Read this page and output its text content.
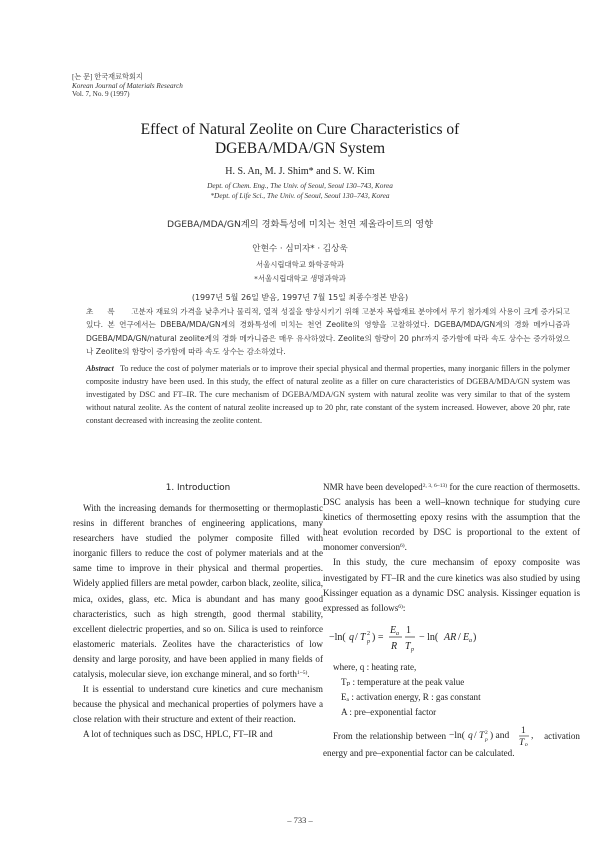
[논 문] 한국재료학회지
Korean Journal of Materials Research
Vol. 7, No. 9 (1997)
Effect of Natural Zeolite on Cure Characteristics of
DGEBA/MDA/GN System
H. S. An, M. J. Shim* and S. W. Kim
Dept. of Chem. Eng., The Univ. of Seoul, Seoul 130–743, Korea
*Dept. of Life Sci., The Univ. of Seoul, Seoul 130–743, Korea
DGEBA/MDA/GN계의 경화특성에 미치는 천연 제올라이트의 영향
안현수 · 심미자* · 김상욱
서울시립대학교 화학공학과
*서울시립대학교 생명과학과
(1997년 5월 26일 받음, 1997년 7월 15일 최종수정본 받음)
초록 고분자 재료의 가격을 낮추거나 물리적, 열적 성질을 향상시키기 위해 고분자 복합재료 분야에서 무기 첨가제의 사용이 크게 증가되고 있다. 본 연구에서는 DBEBA/MDA/GN계의 경화특성에 미치는 천연 Zeolite의 영향을 고찰하였다. DGEBA/MDA/GN계의 경화 메카니즘과 DGEBA/MDA/GN/natural zeolite계의 경화 메카니즘은 매우 유사하였다. Zeolite의 함량이 20 phr까지 증가함에 따라 속도 상수는 증가하였으나 Zeolite의 함량이 증가함에 따라 속도 상수는 감소하였다.
Abstract To reduce the cost of polymer materials or to improve their special physical and thermal properties, many inorganic fillers in the polymer composite industry have been used. In this study, the effect of natural zeolite as a filler on cure characteristics of DGEBA/MDA/GN system was investigated by DSC and FT–IR. The cure mechanism of DGEBA/MDA/GN system with natural zeolite was very similar to that of the system without natural zeolite. As the content of natural zeolite increased up to 20 phr, rate constant of the system increased. However, above 20 phr, rate constant decreased with increasing the zeolite content.
1. Introduction

With the increasing demands for thermosetting or thermoplastic resins in different branches of engineering applications, many researchers have studied the polymer composite filled with inorganic fillers to reduce the cost of polymer materials and at the same time to improve in their physical and thermal properties. Widely applied fillers are metal powder, carbon black, zeolite, silica, mica, oxides, glass, etc. Mica is abundant and has many good characteristics, such as high strength, good thermal stability, excellent dielectric properties, and so on. Silica is used to reinforce elastomeric materials. Zeolites have the characteristics of low density and large porosity, and have been applied in many fields of catalysis, molecular sieve, ion exchange mineral, and so forth$^{1\sim 5)}$.

It is essential to understand cure kinetics and cure mechanism because the physical and mechanical properties of polymers have a close relation with their structure and extent of their reaction.

A lot of techniques such as DSC, HPLC, FT–IR and

NMR have been developed$^{2, 3, 6\sim 13)}$ for the cure reaction of thermosetts. DSC analysis has been a well–known technique for studying cure kinetics of thermosetting epoxy resins with the assumption that the heat evolution recorded by DSC is proportional to the extent of monomer conversion$^{6)}$.

In this study, the cure mechansim of epoxy composite was investigated by FT–IR and the cure kinetics was also studied by using Kissinger equation as a dynamic DSC analysis. Kissinger equation is expressed as follows$^{6)}$:

−ln( q / T 2
p ) =
E a
R
1
T p
− ln( AR / E a )
where, q : heating rate,
Tₚ : temperature at the peak value
Eₐ : activation energy, R : gas constant
A : pre–exponential factor

From the relationship between −ln( q / T 2
p ) and 1
T p
, activation energy and pre–exponential factor can be calculated.

– 733 –
